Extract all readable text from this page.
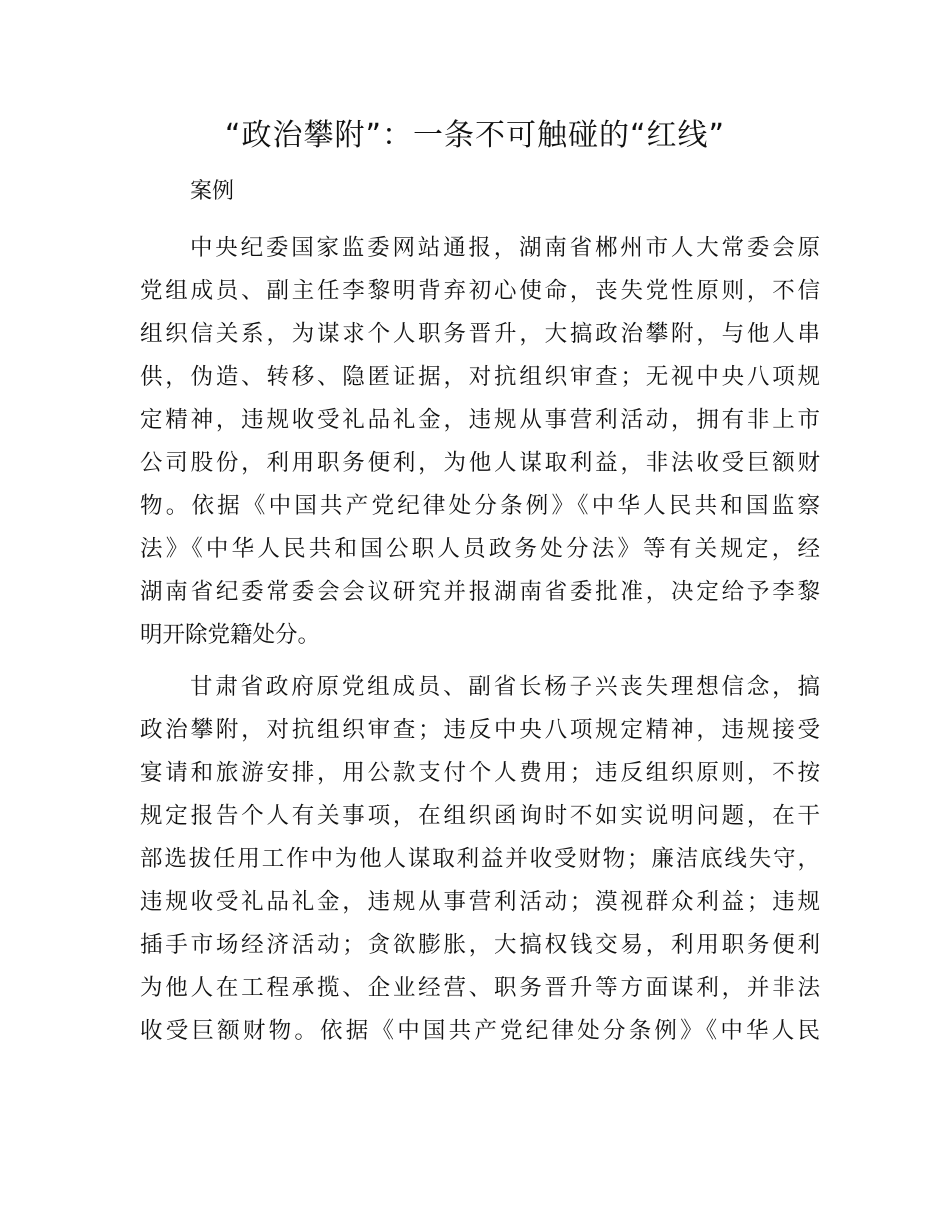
“政治攀附”：一条不可触碰的“红线”
案例
中央纪委国家监委网站通报，湖南省郴州市人大常委会原
党组成员、副主任李黎明背弃初心使命，丧失党性原则，不信
组织信关系，为谋求个人职务晋升，大搞政治攀附，与他人串
供，伪造、转移、隐匿证据，对抗组织审查；无视中央八项规
定精神，违规收受礼品礼金，违规从事营利活动，拥有非上市
公司股份，利用职务便利，为他人谋取利益，非法收受巨额财
物。依据《中国共产党纪律处分条例》《中华人民共和国监察
法》《中华人民共和国公职人员政务处分法》等有关规定，经
湖南省纪委常委会会议研究并报湖南省委批准，决定给予李黎
明开除党籍处分。
甘肃省政府原党组成员、副省长杨子兴丧失理想信念，搞
政治攀附，对抗组织审查；违反中央八项规定精神，违规接受
宴请和旅游安排，用公款支付个人费用；违反组织原则，不按
规定报告个人有关事项，在组织函询时不如实说明问题，在干
部选拔任用工作中为他人谋取利益并收受财物；廉洁底线失守，
违规收受礼品礼金，违规从事营利活动；漠视群众利益；违规
插手市场经济活动；贪欲膨胀，大搞权钱交易，利用职务便利
为他人在工程承揽、企业经营、职务晋升等方面谋利，并非法
收受巨额财物。依据《中国共产党纪律处分条例》《中华人民
